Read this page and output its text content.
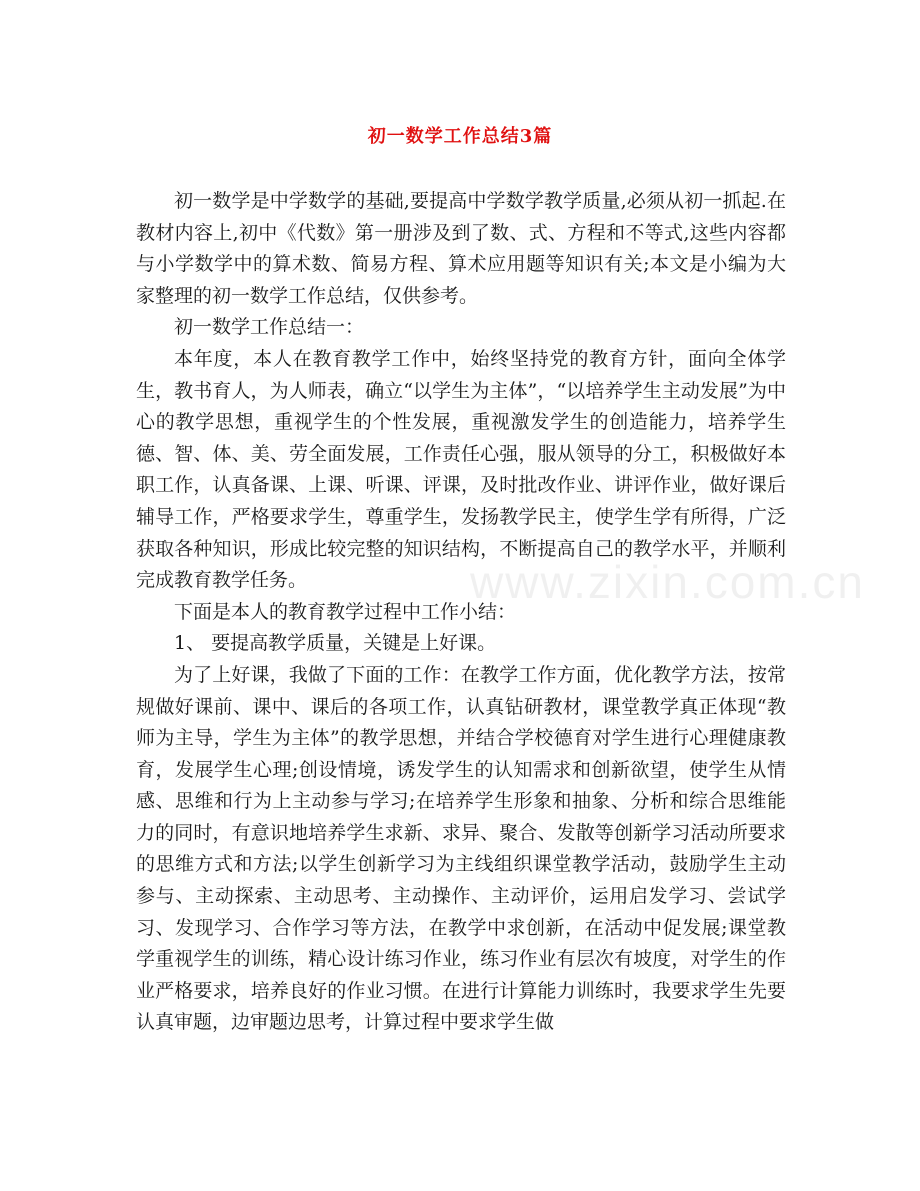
初一数学工作总结3篇

初一数学是中学数学的基础,要提高中学数学教学质量,必须从初一抓起.在教材内容上,初中《代数》第一册涉及到了数、式、方程和不等式,这些内容都与小学数学中的算术数、简易方程、算术应用题等知识有关;本文是小编为大家整理的初一数学工作总结，仅供参考。

初一数学工作总结一：

本年度，本人在教育教学工作中，始终坚持党的教育方针，面向全体学生，教书育人，为人师表，确立“以学生为主体”，“以培养学生主动发展”为中心的教学思想，重视学生的个性发展，重视激发学生的创造能力，培养学生德、智、体、美、劳全面发展，工作责任心强，服从领导的分工，积极做好本职工作，认真备课、上课、听课、评课，及时批改作业、讲评作业，做好课后辅导工作，严格要求学生，尊重学生，发扬教学民主，使学生学有所得，广泛获取各种知识，形成比较完整的知识结构，不断提高自己的教学水平，并顺利完成教育教学任务。

下面是本人的教育教学过程中工作小结：

1、 要提高教学质量，关键是上好课。

为了上好课，我做了下面的工作：在教学工作方面，优化教学方法，按常规做好课前、课中、课后的各项工作，认真钻研教材，课堂教学真正体现“教师为主导，学生为主体”的教学思想，并结合学校德育对学生进行心理健康教育，发展学生心理;创设情境，诱发学生的认知需求和创新欲望，使学生从情感、思维和行为上主动参与学习;在培养学生形象和抽象、分析和综合思维能力的同时，有意识地培养学生求新、求异、聚合、发散等创新学习活动所要求的思维方式和方法;以学生创新学习为主线组织课堂教学活动，鼓励学生主动参与、主动探索、主动思考、主动操作、主动评价，运用启发学习、尝试学习、发现学习、合作学习等方法，在教学中求创新，在活动中促发展;课堂教学重视学生的训练，精心设计练习作业，练习作业有层次有坡度，对学生的作业严格要求，培养良好的作业习惯。在进行计算能力训练时，我要求学生先要认真审题，边审题边思考，计算过程中要求学生做

www.zixin.com.cn
